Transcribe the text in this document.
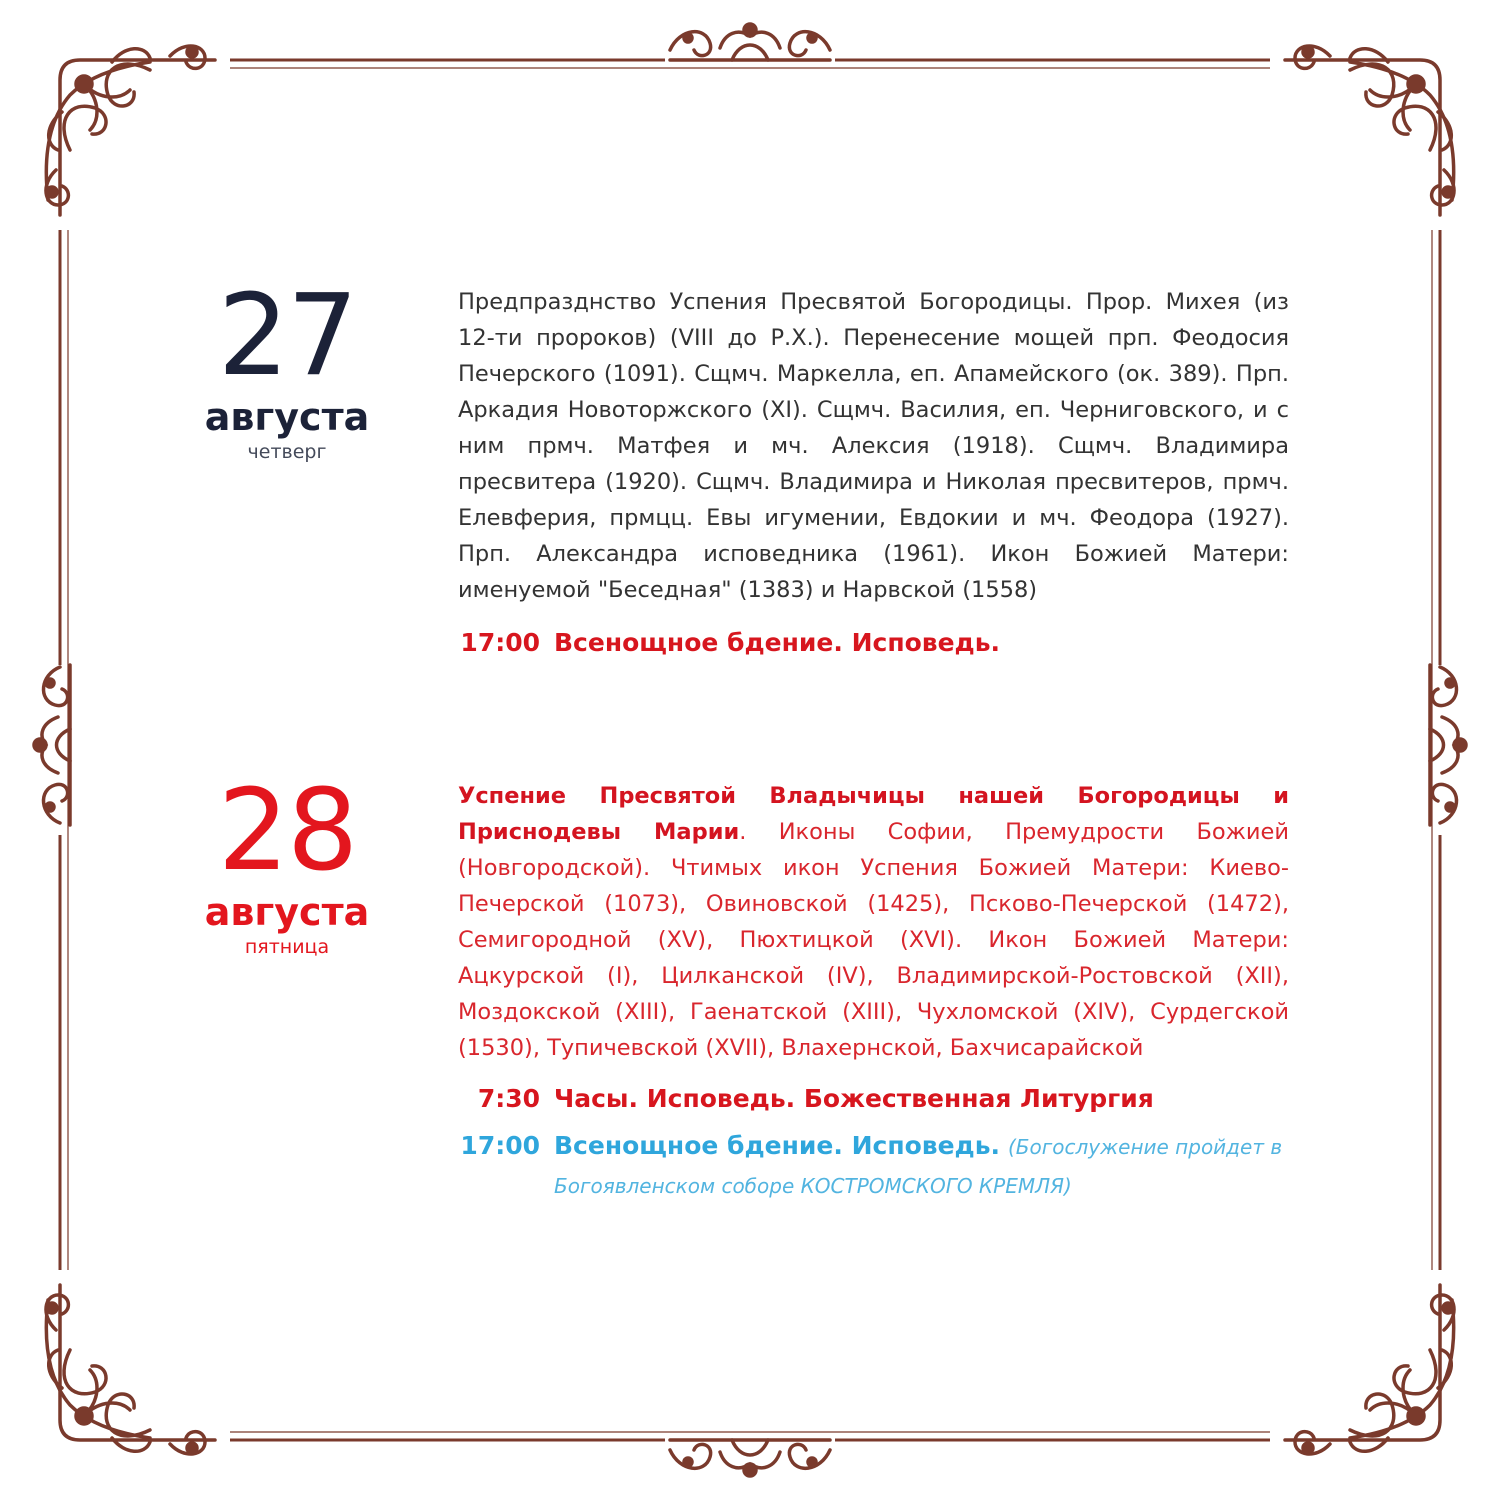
27
августа
четверг

Предпразднство Успения Пресвятой Богородицы. Прор. Михея (из 12-ти пророков) (VIII до Р.Х.). Перенесение мощей прп. Феодосия Печерского (1091). Сщмч. Маркелла, еп. Апамейского (ок. 389). Прп. Аркадия Новоторжского (XI). Сщмч. Василия, еп. Черниговского, и с ним прмч. Матфея и мч. Алексия (1918). Сщмч. Владимира пресвитера (1920). Сщмч. Владимира и Николая пресвитеров, прмч. Елевферия, прмцц. Евы игумении, Евдокии и мч. Феодора (1927). Прп. Александра исповедника (1961). Икон Божией Матери: именуемой "Беседная" (1383) и Нарвской (1558)

17:00 Всенощное бдение. Исповедь.
28
августа
пятница

Успение Пресвятой Владычицы нашей Богородицы и Приснодевы Марии. Иконы Софии, Премудрости Божией (Новгородской). Чтимых икон Успения Божией Матери: Киево-Печерской (1073), Овиновской (1425), Псково-Печерской (1472), Семигородной (XV), Пюхтицкой (XVI). Икон Божией Матери: Ацкурской (I), Цилканской (IV), Владимирской-Ростовской (XII), Моздокской (XIII), Гаенатской (XIII), Чухломской (XIV), Сурдегской (1530), Тупичевской (XVII), Влахернской, Бахчисарайской

7:30 Часы. Исповедь. Божественная Литургия
17:00 Всенощное бдение. Исповедь. (Богослужение пройдет в Богоявленском соборе КОСТРОМСКОГО КРЕМЛЯ)
